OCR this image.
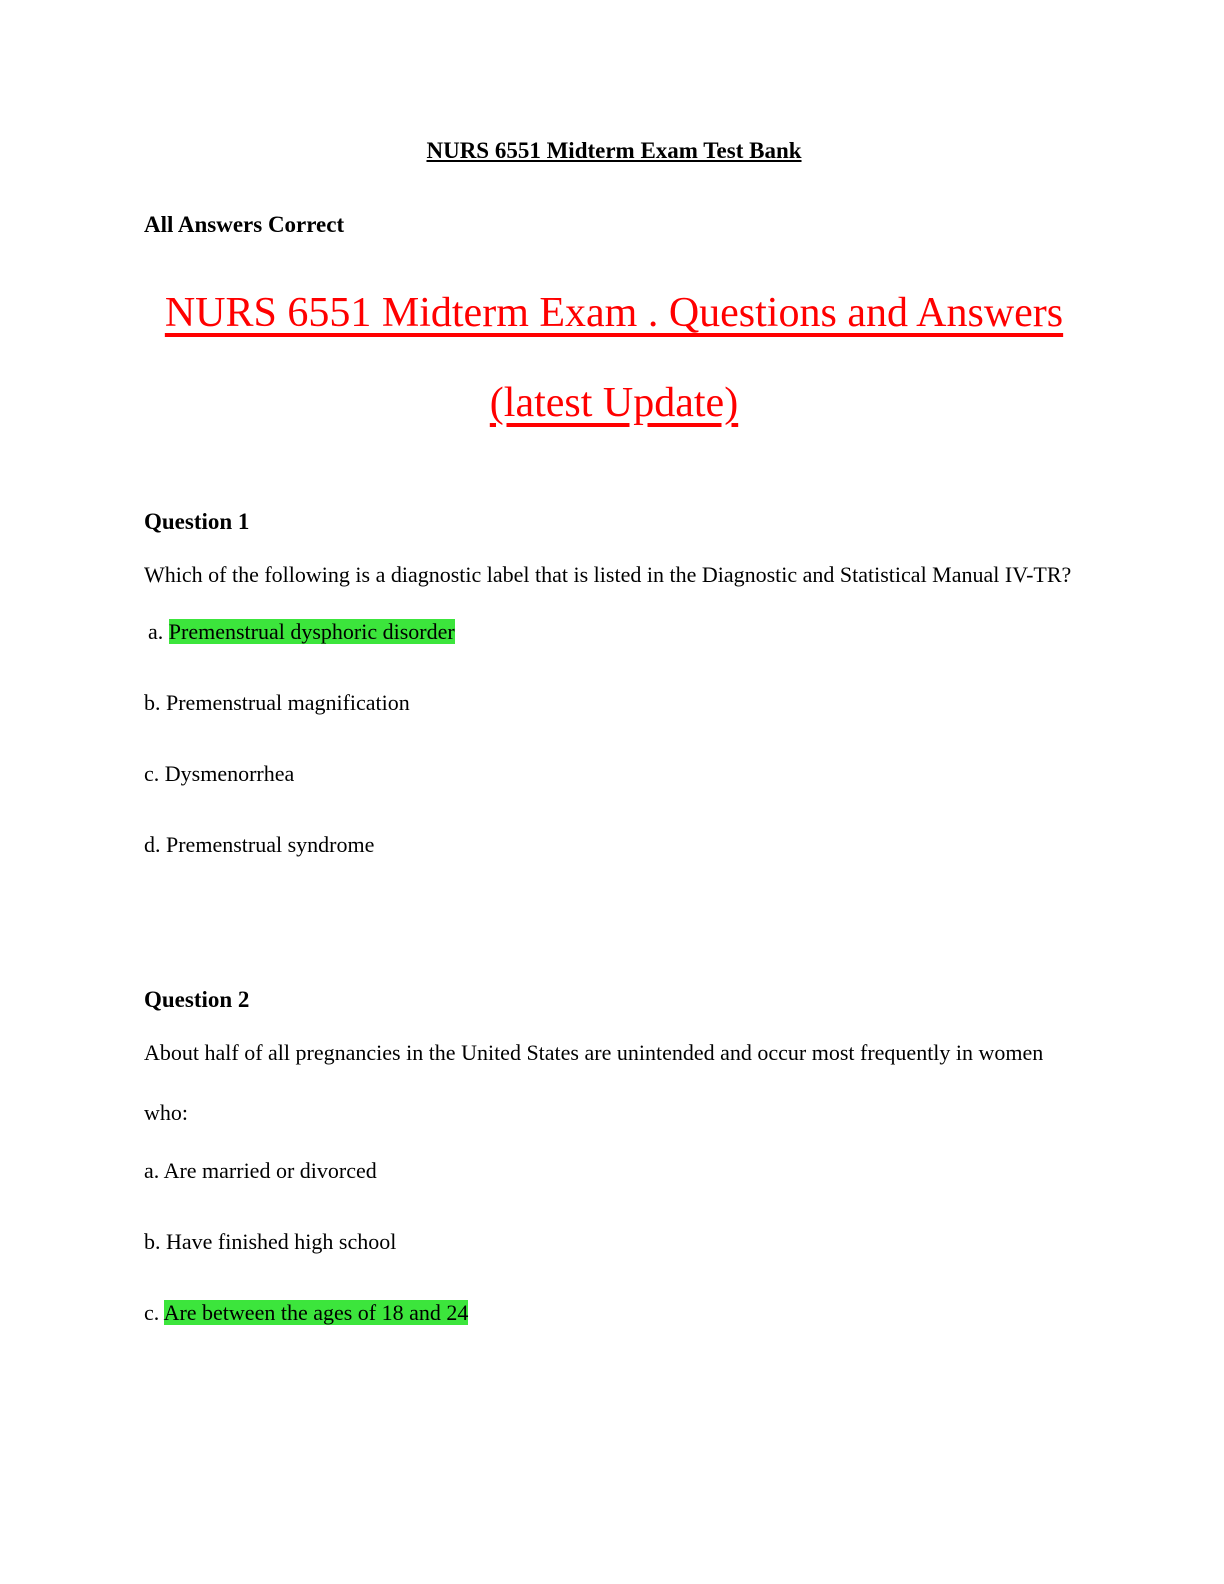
NURS 6551 Midterm Exam Test Bank
All Answers Correct
NURS 6551 Midterm Exam . Questions and Answers
(latest Update)
Question 1

Which of the following is a diagnostic label that is listed in the Diagnostic and Statistical Manual IV-TR?

a. Premenstrual dysphoric disorder

b. Premenstrual magnification

c. Dysmenorrhea

d. Premenstrual syndrome

Question 2

About half of all pregnancies in the United States are unintended and occur most frequently in women who:

a. Are married or divorced

b. Have finished high school

c. Are between the ages of 18 and 24
